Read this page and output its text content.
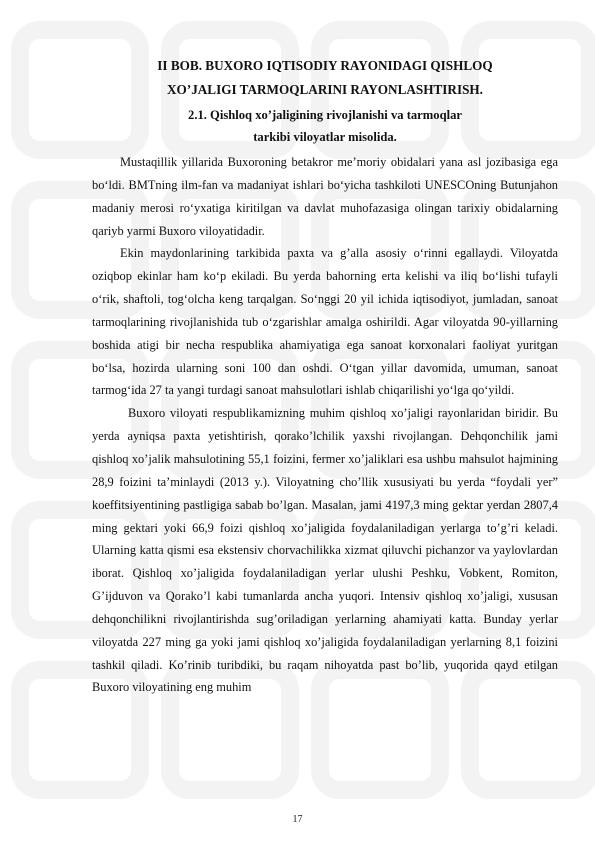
II BOB. BUXORO IQTISODIY RAYONIDAGI QISHLOQ

XO’JALIGI TARMOQLARINI RAYONLASHTIRISH.

2.1. Qishloq xo’jaligining rivojlanishi va tarmoqlar

tarkibi viloyatlar misolida.

Mustaqillik yillarida Buxoroning betakror me’moriy obidalari yana asl jozibasiga ega bo‘ldi. BMTning ilm-fan va madaniyat ishlari bo‘yicha tashkiloti UNESCOning Butunjahon madaniy merosi ro‘yxatiga kiritilgan va davlat muhofazasiga olingan tarixiy obidalarning qariyb yarmi Buxoro viloyatidadir.

Ekin maydonlarining tarkibida paxta va g’alla asosiy o‘rinni egallaydi. Viloyatda oziqbop ekinlar ham ko‘p ekiladi. Bu yerda bahorning erta kelishi va iliq bo‘lishi tufayli o‘rik, shaftoli, tog‘olcha keng tarqalgan. So‘nggi 20 yil ichida iqtisodiyot, jumladan, sanoat tarmoqlarining rivojlanishida tub o‘zgarishlar amalga oshirildi. Agar viloyatda 90-yillarning boshida atigi bir necha respublika ahamiyatiga ega sanoat korxonalari faoliyat yuritgan bo‘lsa, hozirda ularning soni 100 dan oshdi. O‘tgan yillar davomida, umuman, sanoat tarmog‘ida 27 ta yangi turdagi sanoat mahsulotlari ishlab chiqarilishi yo‘lga qo‘yildi.

Buxoro viloyati respublikamizning muhim qishloq xo’jaligi rayonlaridan biridir. Bu yerda ayniqsa paxta yetishtirish, qorako’lchilik yaxshi rivojlangan. Dehqonchilik jami qishloq xo’jalik mahsulotining 55,1 foizini, fermer xo’jaliklari esa ushbu mahsulot hajmining 28,9 foizini ta’minlaydi (2013 y.). Viloyatning cho’llik xususiyati bu yerda “foydali yer” koeffitsiyentining pastligiga sabab bo’lgan. Masalan, jami 4197,3 ming gektar yerdan 2807,4 ming gektari yoki 66,9 foizi qishloq xo’jaligida foydalaniladigan yerlarga to’g’ri keladi. Ularning katta qismi esa ekstensiv chorvachilikka xizmat qiluvchi pichanzor va yaylovlardan iborat. Qishloq xo’jaligida foydalaniladigan yerlar ulushi Peshku, Vobkent, Romiton, G’ijduvon va Qorako’l kabi tumanlarda ancha yuqori. Intensiv qishloq xo’jaligi, xususan dehqonchilikni rivojlantirishda sug’oriladigan yerlarning ahamiyati katta. Bunday yerlar viloyatda 227 ming ga yoki jami qishloq xo’jaligida foydalaniladigan yerlarning 8,1 foizini tashkil qiladi. Ko’rinib turibdiki, bu raqam nihoyatda past bo’lib, yuqorida qayd etilgan Buxoro viloyatining eng muhim

17
